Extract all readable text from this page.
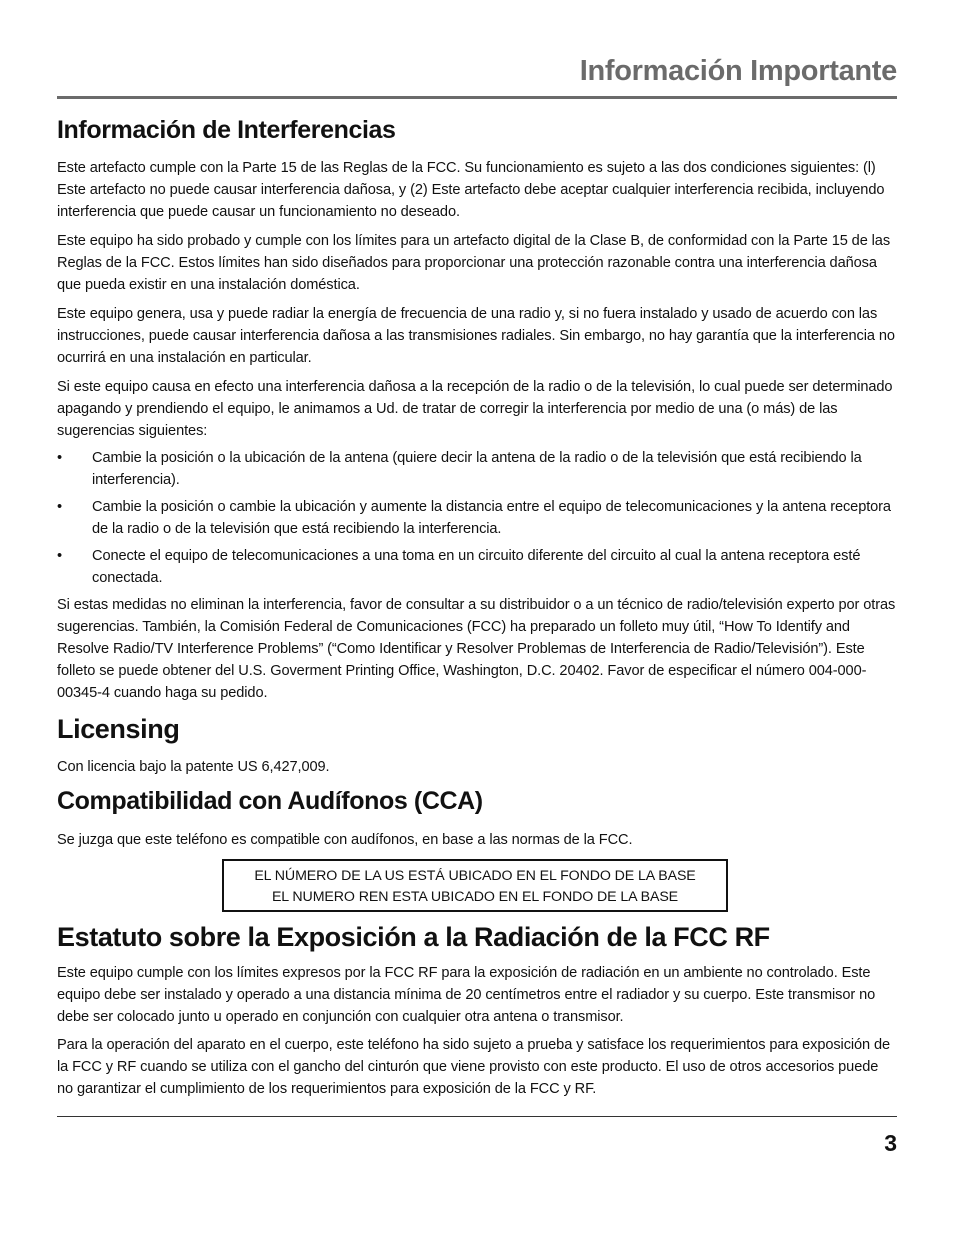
Información Importante
Información de Interferencias

Este artefacto cumple con la Parte 15 de las Reglas de la FCC. Su funcionamiento es sujeto a las dos condiciones siguientes: (l) Este artefacto no puede causar interferencia dañosa, y (2) Este artefacto debe aceptar cualquier interferencia recibida, incluyendo interferencia que puede causar un funcionamiento no deseado.

Este equipo ha sido probado y cumple con los límites para un artefacto digital de la Clase B, de conformidad con la Parte 15 de las Reglas de la FCC. Estos límites han sido diseñados para proporcionar una protección razonable contra una interferencia dañosa que pueda existir en una instalación doméstica.

Este equipo genera, usa y puede radiar la energía de frecuencia de una radio y, si no fuera instalado y usado de acuerdo con las instrucciones, puede causar interferencia dañosa a las transmisiones radiales. Sin embargo, no hay garantía que la interferencia no ocurrirá en una instalación en particular.

Si este equipo causa en efecto una interferencia dañosa a la recepción de la radio o de la televisión, lo cual puede ser determinado apagando y prendiendo el equipo, le animamos a Ud. de tratar de corregir la interferencia por medio de una (o más) de las sugerencias siguientes:

• Cambie la posición o la ubicación de la antena (quiere decir la antena de la radio o de la televisión que está recibiendo la interferencia).
• Cambie la posición o cambie la ubicación y aumente la distancia entre el equipo de telecomunicaciones y la antena receptora de la radio o de la televisión que está recibiendo la interferencia.
• Conecte el equipo de telecomunicaciones a una toma en un circuito diferente del circuito al cual la antena receptora esté conectada.

Si estas medidas no eliminan la interferencia, favor de consultar a su distribuidor o a un técnico de radio/televisión experto por otras sugerencias. También, la Comisión Federal de Comunicaciones (FCC) ha preparado un folleto muy útil, “How To Identify and Resolve Radio/TV Interference Problems” (“Como Identificar y Resolver Problemas de Interferencia de Radio/Televisión”). Este folleto se puede obtener del U.S. Goverment Printing Office, Washington, D.C. 20402. Favor de especificar el número 004-000-00345-4 cuando haga su pedido.

Licensing

Con licencia bajo la patente US 6,427,009.

Compatibilidad con Audífonos (CCA)

Se juzga que este teléfono es compatible con audífonos, en base a las normas de la FCC.

EL NÚMERO DE LA US ESTÁ UBICADO EN EL FONDO DE LA BASE
EL NUMERO REN ESTA UBICADO EN EL FONDO DE LA BASE
Estatuto sobre la Exposición a la Radiación de la FCC RF

Este equipo cumple con los límites expresos por la FCC RF para la exposición de radiación en un ambiente no controlado. Este equipo debe ser instalado y operado a una distancia mínima de 20 centímetros entre el radiador y su cuerpo. Este transmisor no debe ser colocado junto u operado en conjunción con cualquier otra antena o transmisor.

Para la operación del aparato en el cuerpo, este teléfono ha sido sujeto a prueba y satisface los requerimientos para exposición de la FCC y RF cuando se utiliza con el gancho del cinturón que viene provisto con este producto. El uso de otros accesorios puede no garantizar el cumplimiento de los requerimientos para exposición de la FCC y RF.

3
